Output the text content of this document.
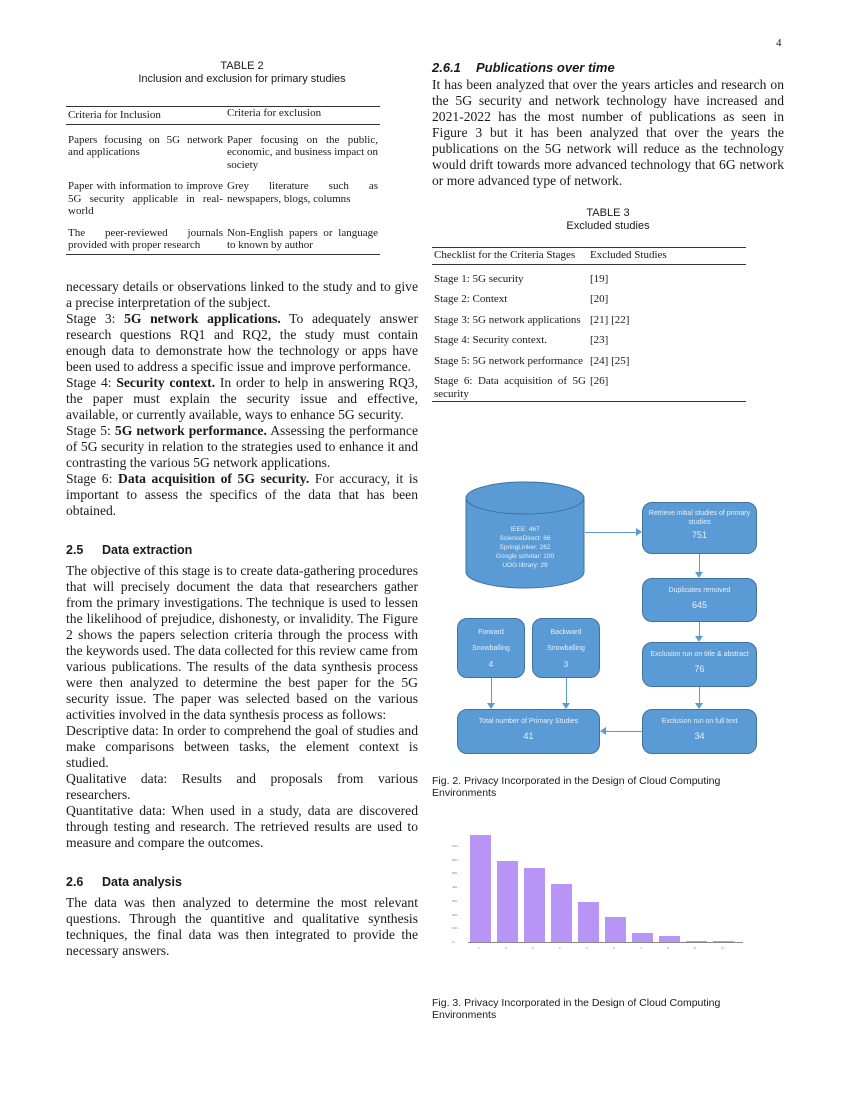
4
TABLE 2
Inclusion and exclusion for primary studies
Criteria for Inclusion	Criteria for exclusion
Papers focusing on 5G network and applications	Paper focusing on the public, economic, and business impact on society
Paper with information to improve 5G security applicable in real-world	Grey literature such as newspapers, blogs, columns
The peer-reviewed journals provided with proper research	Non-English papers or language to known by author

necessary details or observations linked to the study and to give a precise interpretation of the subject.

Stage 3: 5G network applications. To adequately answer research questions RQ1 and RQ2, the study must contain enough data to demonstrate how the technology or apps have been used to address a specific issue and improve performance.

Stage 4: Security context. In order to help in answering RQ3, the paper must explain the security issue and effective, available, or currently available, ways to enhance 5G security.

Stage 5: 5G network performance. Assessing the performance of 5G security in relation to the strategies used to enhance it and contrasting the various 5G network applications.

Stage 6: Data acquisition of 5G security. For accuracy, it is important to assess the specifics of the data that has been obtained.

2.5 Data extraction

The objective of this stage is to create data-gathering procedures that will precisely document the data that researchers gather from the primary investigations. The technique is used to lessen the likelihood of prejudice, dishonesty, or invalidity. The Figure 2 shows the papers selection criteria through the process with the keywords used. The data collected for this review came from various publications. The results of the data synthesis process were then analyzed to determine the best paper for the 5G security issue. The paper was selected based on the various activities involved in the data synthesis process as follows:

Descriptive data: In order to comprehend the goal of studies and make comparisons between tasks, the element context is studied.

Qualitative data: Results and proposals from various researchers.

Quantitative data: When used in a study, data are discovered through testing and research. The retrieved results are used to measure and compare the outcomes.

2.6 Data analysis

The data was then analyzed to determine the most relevant questions. Through the quantitive and qualitative synthesis techniques, the final data was then integrated to provide the necessary answers.

2.6.1 Publications over time

It has been analyzed that over the years articles and research on the 5G security and network technology have increased and 2021-2022 has the most number of publications as seen in Figure 3 but it has been analyzed that over the years the publications on the 5G network will reduce as the technology would drift towards more advanced technology that 6G network or more advanced type of network.

TABLE 3
Excluded studies
Checklist for the Criteria Stages	Excluded Studies
Stage 1: 5G security	[19]
Stage 2: Context	[20]
Stage 3: 5G network applications	[21] [22]
Stage 4: Security context.	[23]
Stage 5: 5G network performance	[24] [25]
Stage 6: Data acquisition of 5G security	[26]
IEEE: 467
ScienceDirect: 66
SpringLinker: 262
Google scholar: 100
UOG library: 29
Retrieve initial studies of primary studies
751
Duplicates removed
645
Exclusion run on title & abstract
76
Exclusion run on full text
34
Forward
Snowballing
4
Backward
Snowballing
3
Total number of Primary Studies
41
Fig. 2. Privacy Incorporated in the Design of Cloud Computing Environments
1	2	3	4	5	6	7	8	9	10
0 –
100 –
200 –
300 –
400 –
500 –
600 –
700 –
Fig. 3. Privacy Incorporated in the Design of Cloud Computing Environments
